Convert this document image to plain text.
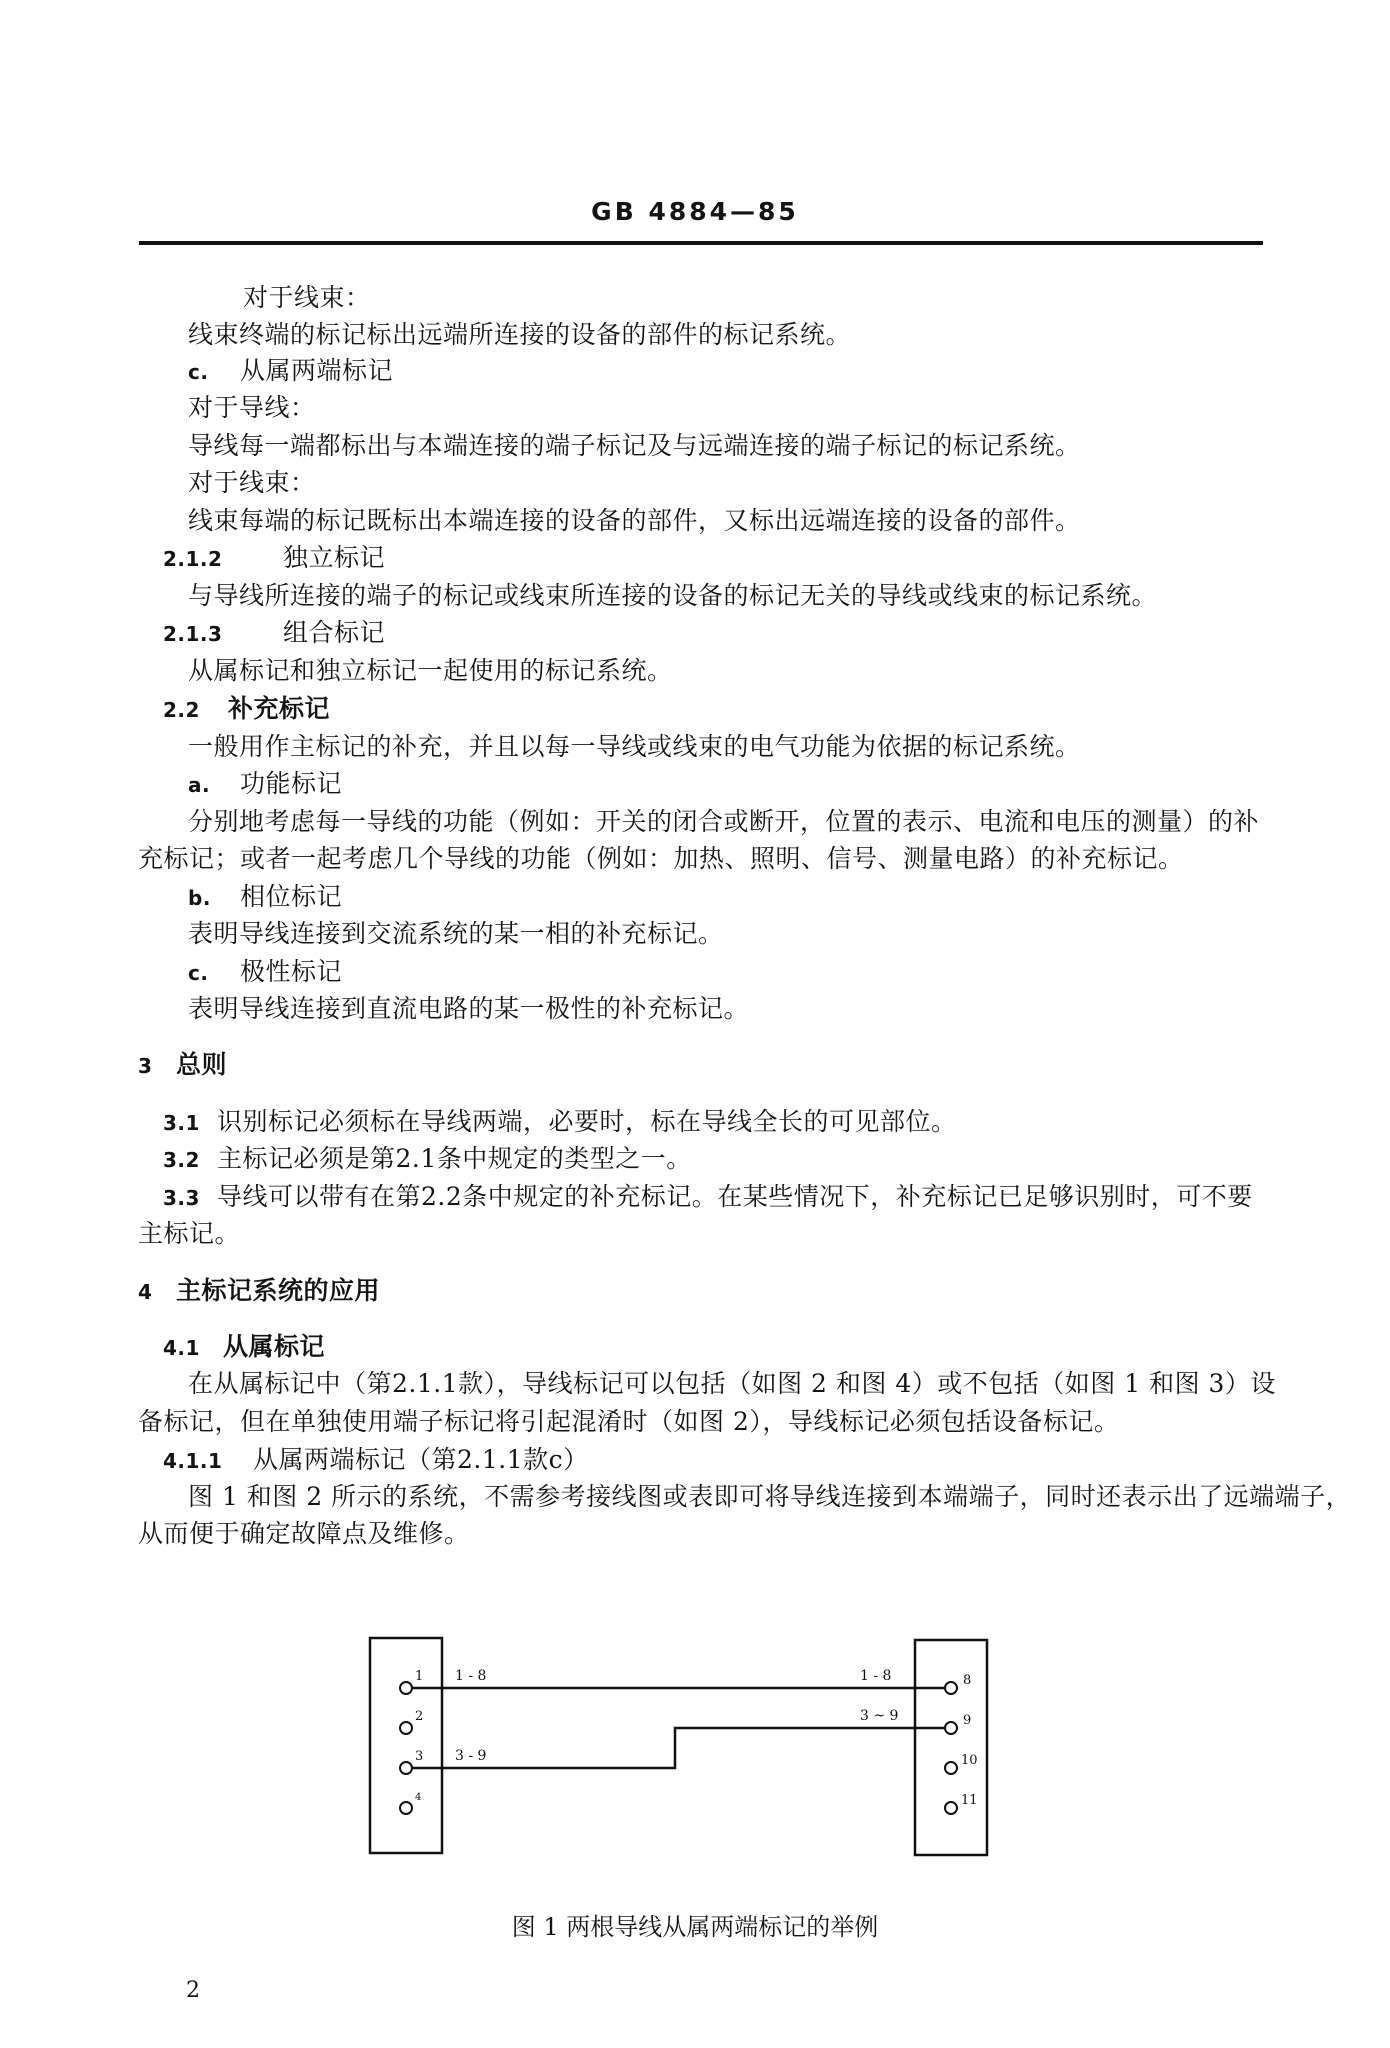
GB 4884—85
对于线束：
线束终端的标记标出远端所连接的设备的部件的标记系统。
c.	从属两端标记
对于导线：
导线每一端都标出与本端连接的端子标记及与远端连接的端子标记的标记系统。
对于线束：
线束每端的标记既标出本端连接的设备的部件，又标出远端连接的设备的部件。
2.1.2	独立标记
与导线所连接的端子的标记或线束所连接的设备的标记无关的导线或线束的标记系统。
2.1.3	组合标记
从属标记和独立标记一起使用的标记系统。
2.2	补充标记
一般用作主标记的补充，并且以每一导线或线束的电气功能为依据的标记系统。
a.	功能标记
分别地考虑每一导线的功能（例如：开关的闭合或断开，位置的表示、电流和电压的测量）的补
充标记；或者一起考虑几个导线的功能（例如：加热、照明、信号、测量电路）的补充标记。
b.	相位标记
表明导线连接到交流系统的某一相的补充标记。
c.	极性标记
表明导线连接到直流电路的某一极性的补充标记。
3 总则
3.1 识别标记必须标在导线两端，必要时，标在导线全长的可见部位。
3.2 主标记必须是第2.1条中规定的类型之一。
3.3 导线可以带有在第2.2条中规定的补充标记。在某些情况下，补充标记已足够识别时，可不要
主标记。
4 主标记系统的应用
4.1 从属标记
在从属标记中（第2.1.1款），导线标记可以包括（如图 2 和图 4）或不包括（如图 1 和图 3）设
备标记，但在单独使用端子标记将引起混淆时（如图 2），导线标记必须包括设备标记。
4.1.1	从属两端标记（第2.1.1款c）
图 1 和图 2 所示的系统，不需参考接线图或表即可将导线连接到本端端子，同时还表示出了远端端子，
从而便于确定故障点及维修。
1
2
3
4
8
9
10
11
1 - 8
3 - 9
1 - 8
3 ~ 9
图 1 两根导线从属两端标记的举例
2
